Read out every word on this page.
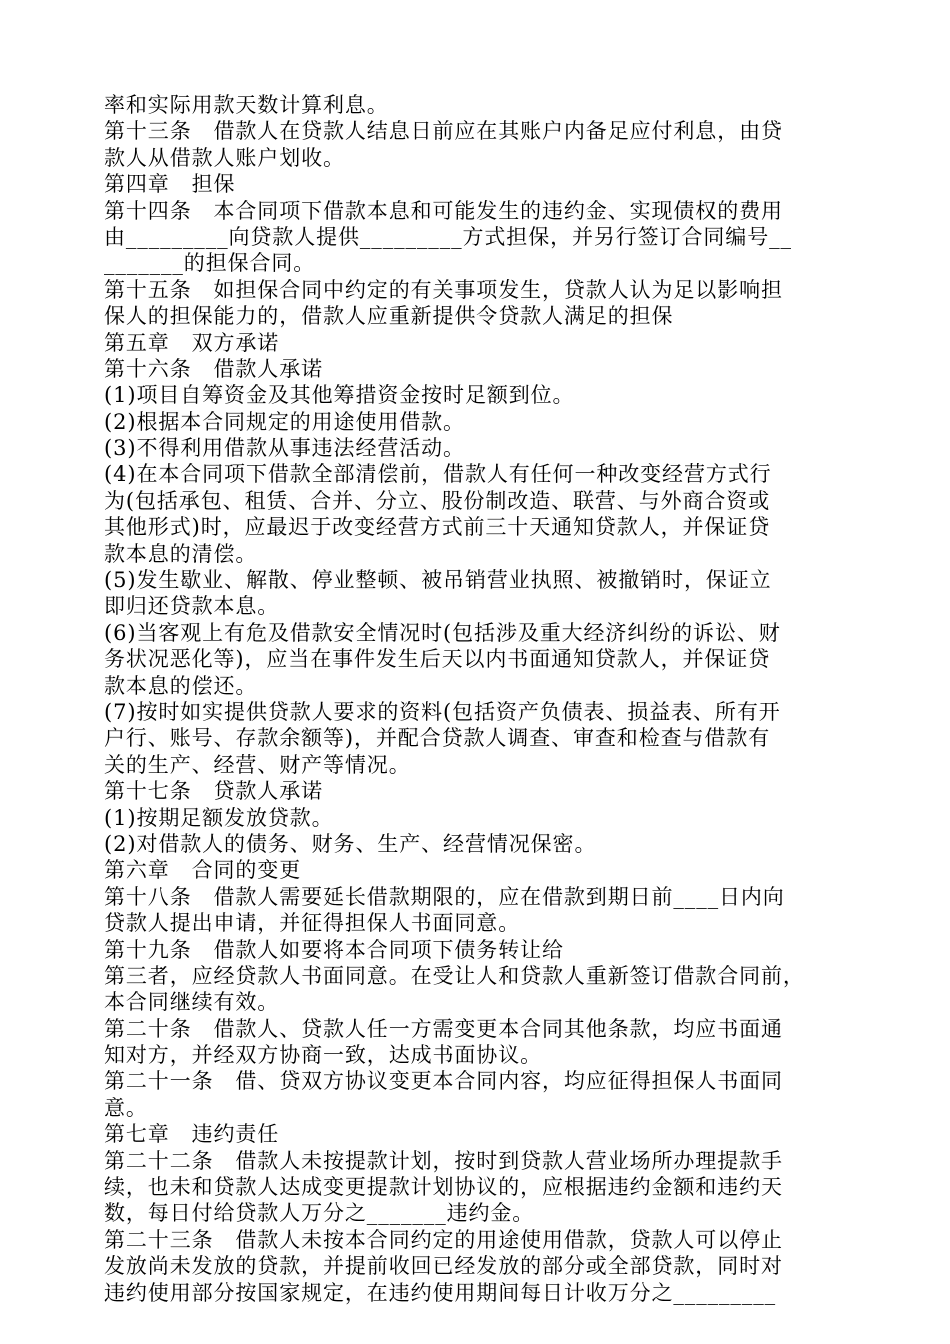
率和实际用款天数计算利息。
第十三条　借款人在贷款人结息日前应在其账户内备足应付利息，由贷
款人从借款人账户划收。
第四章　担保
第十四条　本合同项下借款本息和可能发生的违约金、实现债权的费用
由_________向贷款人提供_________方式担保，并另行签订合同编号__
_______的担保合同。
第十五条　如担保合同中约定的有关事项发生，贷款人认为足以影响担
保人的担保能力的，借款人应重新提供令贷款人满足的担保
第五章　双方承诺
第十六条　借款人承诺
(1)项目自筹资金及其他筹措资金按时足额到位。
(2)根据本合同规定的用途使用借款。
(3)不得利用借款从事违法经营活动。
(4)在本合同项下借款全部清偿前，借款人有任何一种改变经营方式行
为(包括承包、租赁、合并、分立、股份制改造、联营、与外商合资或
其他形式)时，应最迟于改变经营方式前三十天通知贷款人，并保证贷
款本息的清偿。
(5)发生歇业、解散、停业整顿、被吊销营业执照、被撤销时，保证立
即归还贷款本息。
(6)当客观上有危及借款安全情况时(包括涉及重大经济纠纷的诉讼、财
务状况恶化等)，应当在事件发生后天以内书面通知贷款人，并保证贷
款本息的偿还。
(7)按时如实提供贷款人要求的资料(包括资产负债表、损益表、所有开
户行、账号、存款余额等)，并配合贷款人调查、审查和检查与借款有
关的生产、经营、财产等情况。
第十七条　贷款人承诺
(1)按期足额发放贷款。
(2)对借款人的债务、财务、生产、经营情况保密。
第六章　合同的变更
第十八条　借款人需要延长借款期限的，应在借款到期日前____日内向
贷款人提出申请，并征得担保人书面同意。
第十九条　借款人如要将本合同项下债务转让给
第三者，应经贷款人书面同意。在受让人和贷款人重新签订借款合同前，
本合同继续有效。
第二十条　借款人、贷款人任一方需变更本合同其他条款，均应书面通
知对方，并经双方协商一致，达成书面协议。
第二十一条　借、贷双方协议变更本合同内容，均应征得担保人书面同
意。
第七章　违约责任
第二十二条　借款人未按提款计划，按时到贷款人营业场所办理提款手
续，也未和贷款人达成变更提款计划协议的，应根据违约金额和违约天
数，每日付给贷款人万分之_______违约金。
第二十三条　借款人未按本合同约定的用途使用借款，贷款人可以停止
发放尚未发放的贷款，并提前收回已经发放的部分或全部贷款，同时对
违约使用部分按国家规定，在违约使用期间每日计收万分之_________
